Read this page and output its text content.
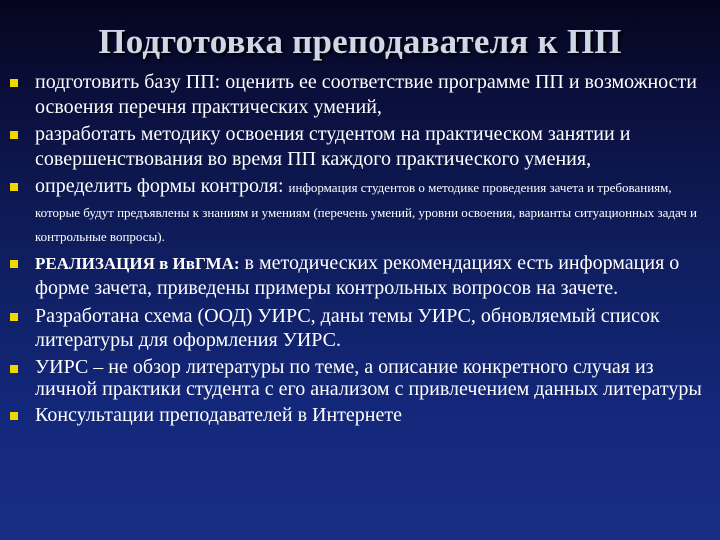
Подготовка преподавателя к ПП
подготовить базу ПП: оценить ее соответствие программе ПП и возможности освоения перечня практических умений,
разработать методику освоения студентом на практическом занятии и совершенствования во время ПП каждого практического умения,
определить формы контроля: информация студентов о методике проведения зачета и требованиям, которые будут предъявлены к знаниям и умениям (перечень умений, уровни освоения, варианты ситуационных задач и контрольные вопросы).
РЕАЛИЗАЦИЯ в ИвГМА: в методических рекомендациях есть информация о форме зачета, приведены примеры контрольных вопросов на зачете.
Разработана схема (ООД) УИРС, даны темы УИРС, обновляемый список литературы для оформления УИРС.
УИРС – не обзор литературы по теме, а описание конкретного случая из личной практики студента с его анализом с привлечением данных литературы
Консультации преподавателей в Интернете
